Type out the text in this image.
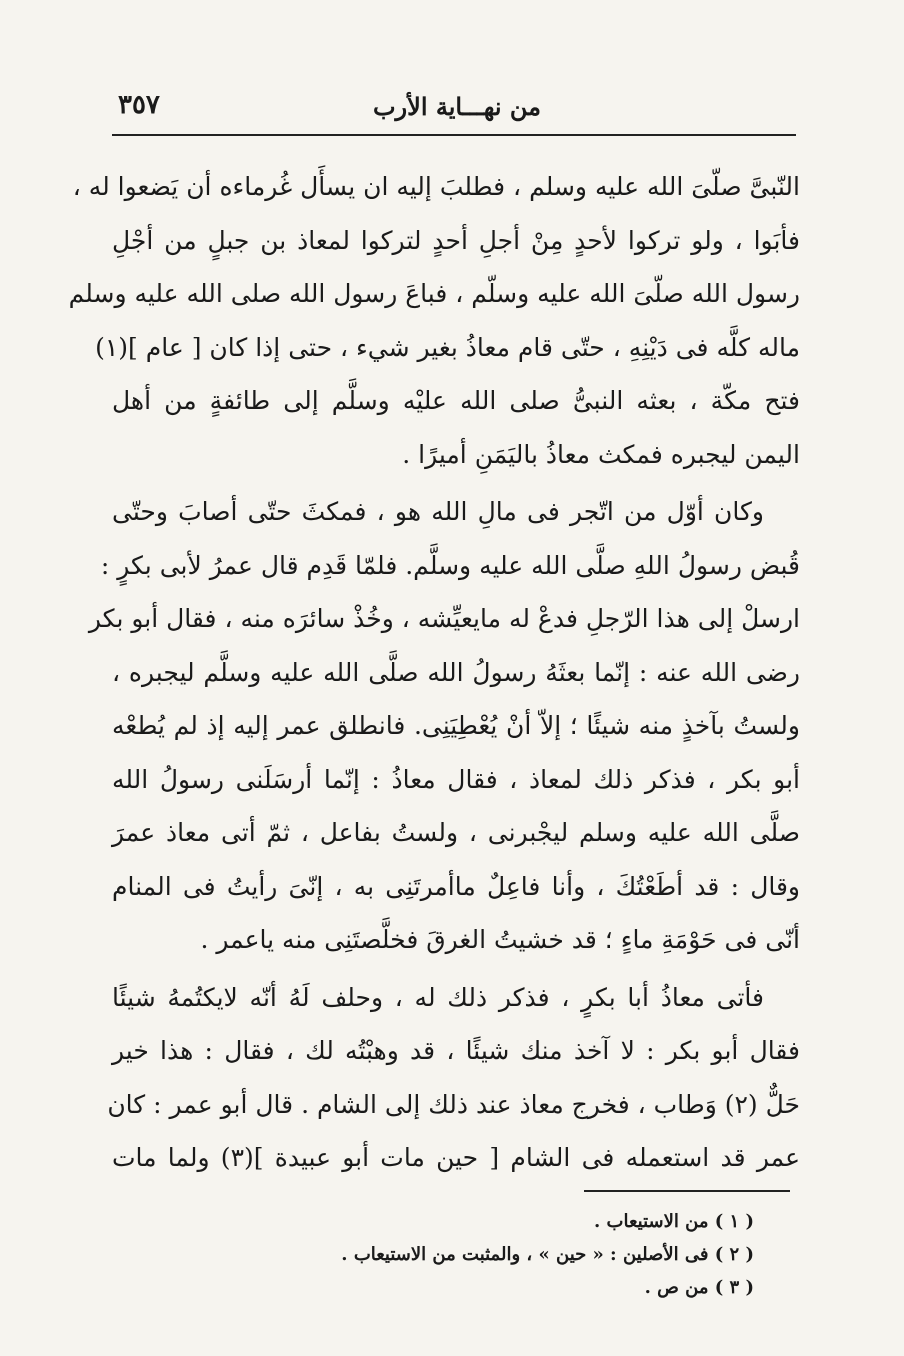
من نهـــاية الأرب
٣٥٧

النّبىَّ صلّىَ الله عليه وسلم ، فطلبَ إليه ان يسأَل غُرماءه أن يَضعوا له ،
فأبَوا ، ولو تركوا لأحدٍ مِنْ أجلِ أحدٍ لتركوا لمعاذ بن جبلٍ من أجْلِ
رسول الله صلّىَ الله عليه وسلّم ، فباعَ رسول الله صلى الله عليه وسلم
ماله كلَّه فى دَيْنِهِ ، حتّى قام معاذُ بغير شيء ، حتى إذا كان [ عام ](١)
فتح مكّة ، بعثه النبىُّ صلى الله عليْه وسلَّم إلى طائفةٍ من أهل
اليمن ليجبره فمكث معاذُ باليَمَنِ أميرًا .

وكان أوّل من اتّجر فى مالِ الله هو ، فمكثَ حتّى أصابَ وحتّى
قُبض رسولُ اللهِ صلَّى الله عليه وسلَّم. فلمّا قَدِم قال عمرُ لأبى بكرٍ :
ارسلْ إلى هذا الرّجلِ فدعْ له مايعيِّشه ، وخُذْ سائرَه منه ، فقال أبو بكر
رضى الله عنه : إنّما بعثَهُ رسولُ الله صلَّى الله عليه وسلَّم ليجبره ،
ولستُ بآخذٍ منه شيئًا ؛ إلاّ أنْ يُعْطِيَنِى. فانطلق عمر إليه إذ لم يُطعْه
أبو بكر ، فذكر ذلك لمعاذ ، فقال معاذُ : إنّما أرسَلَنى رسولُ الله
صلَّى الله عليه وسلم ليجْبرنى ، ولستُ بفاعل ، ثمّ أتى معاذ عمرَ
وقال : قد أطَعْتُكَ ، وأنا فاعِلٌ ماأمرتَنِى به ، إنّىَ رأيتُ فى المنام
أنّى فى حَوْمَةِ ماءٍ ؛ قد خشيتُ الغرقَ فخلَّصتَنِى منه ياعمر .

فأتى معاذُ أبا بكرٍ ، فذكر ذلك له ، وحلف لَهُ أنّه لايكتُمهُ شيئًا
فقال أبو بكر : لا آخذ منك شيئًا ، قد وهبْتُه لك ، فقال : هذا خير
حَلٌّ (٢) وَطاب ، فخرج معاذ عند ذلك إلى الشام . قال أبو عمر : كان
عمر قد استعمله فى الشام [ حين مات أبو عبيدة ](٣) ولما مات

( ١ ) من الاستيعاب .
( ٢ ) فى الأصلين : « حين » ، والمثبت من الاستيعاب .
( ٣ ) من ص .
